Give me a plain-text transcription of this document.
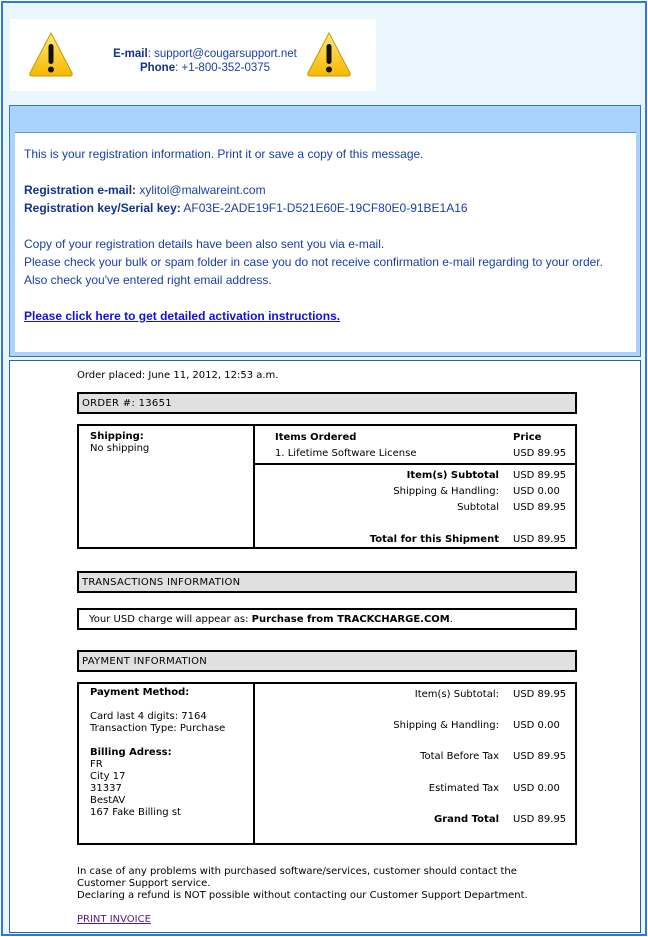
E-mail: support@cougarsupport.net
Phone: +1-800-352-0375
This is your registration information. Print it or save a copy of this message.
Registration e-mail: xylitol@malwareint.com
Registration key/Serial key: AF03E-2ADE19F1-D521E60E-19CF80E0-91BE1A16
Copy of your registration details have been also sent you via e-mail.
Please check your bulk or spam folder in case you do not receive confirmation e-mail regarding to your order.
Also check you've entered right email address.
Please click here to get detailed activation instructions.
Order placed: June 11, 2012, 12:53 a.m.
ORDER #: 13651
Shipping:
No shipping
Items Ordered	Price
1. Lifetime Software License	USD 89.95
Item(s) Subtotal USD 89.95
Shipping & Handling: USD 0.00
Subtotal USD 89.95
Total for this Shipment USD 89.95
TRANSACTIONS INFORMATION
Your USD charge will appear as: Purchase from TRACKCHARGE.COM.
PAYMENT INFORMATION
Payment Method:
Card last 4 digits: 7164
Transaction Type: Purchase
Billing Adress:
FR
City 17
31337
BestAV
167 Fake Billing st
Item(s) Subtotal: USD 89.95
Shipping & Handling: USD 0.00
Total Before Tax USD 89.95
Estimated Tax USD 0.00
Grand Total USD 89.95
In case of any problems with purchased software/services, customer should contact the
Customer Support service.
Declaring a refund is NOT possible without contacting our Customer Support Department.
PRINT INVOICE
